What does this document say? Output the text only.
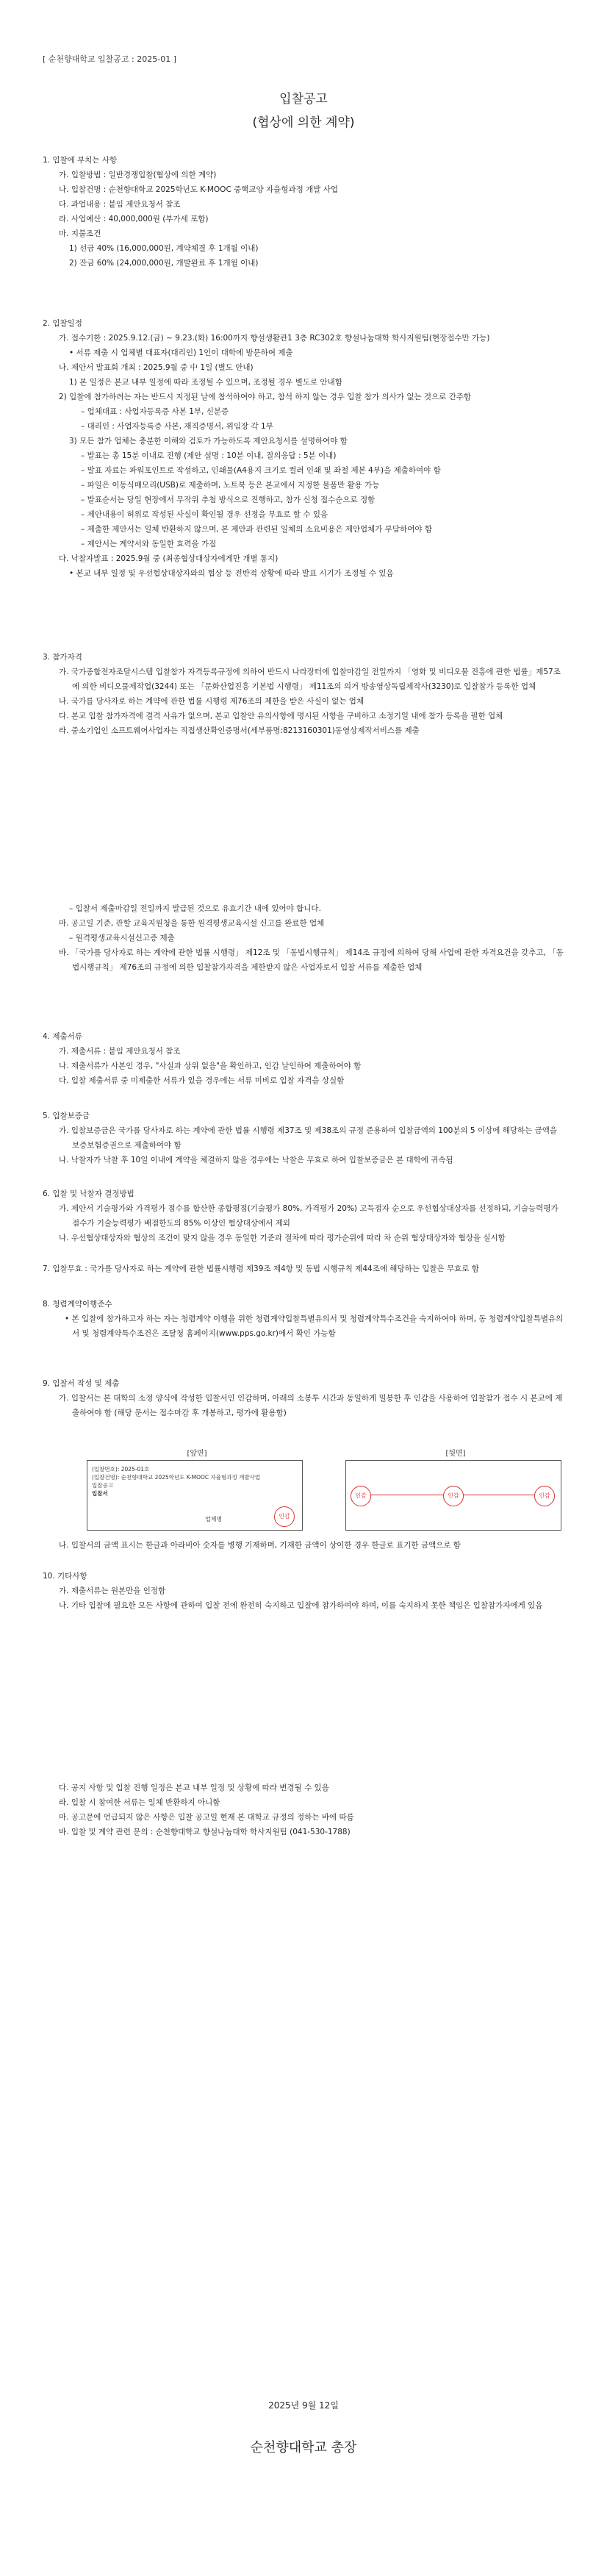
[ 순천향대학교 입찰공고 : 2025-01 ]
입찰공고
(협상에 의한 계약)

1. 입찰에 부치는 사항

가. 입찰방법 : 일반경쟁입찰(협상에 의한 계약)

나. 입찰건명 : 순천향대학교 2025학년도 K-MOOC 중핵교양 자율형과정 개발 사업

다. 과업내용 : 붙임 제안요청서 참조

라. 사업예산 : 40,000,000원 (부가세 포함)

마. 지불조건

1) 선금 40% (16,000,000원, 계약체결 후 1개월 이내)

2) 잔금 60% (24,000,000원, 개발완료 후 1개월 이내)

2. 입찰일정

가. 접수기한 : 2025.9.12.(금) ~ 9.23.(화) 16:00까지 향설생활관1 3층 RC302호 향설나눔대학 학사지원팀(현장접수만 가능)

• 서류 제출 시 업체별 대표자(대리인) 1인이 대학에 방문하여 제출

나. 제안서 발표회 개최 : 2025.9월 중 中 1일 (별도 안내)

1) 본 일정은 본교 내부 일정에 따라 조정될 수 있으며, 조정될 경우 별도로 안내함

2) 입찰에 참가하려는 자는 반드시 지정된 날에 참석하여야 하고, 참석 하지 않는 경우 입찰 참가 의사가 없는 것으로 간주함

– 업체대표 : 사업자등록증 사본 1부, 신분증

– 대리인 : 사업자등록증 사본, 재직증명서, 위임장 각 1부

3) 모든 참가 업체는 충분한 이해와 검토가 가능하도록 제안요청서를 설명하여야 함

– 발표는 총 15분 이내로 진행 (제안 설명 : 10분 이내, 질의응답 : 5분 이내)

– 발표 자료는 파워포인트로 작성하고, 인쇄물(A4용지 크기로 컬러 인쇄 및 좌철 제본 4부)을 제출하여야 함

– 파일은 이동식매모리(USB)로 제출하며, 노트북 등은 본교에서 지정한 물품만 활용 가능

– 발표순서는 당일 현장에서 무작위 추첨 방식으로 진행하고, 참가 신청 접수순으로 정함

– 제안내용이 허위로 작성된 사실이 확인될 경우 선정을 무효로 할 수 있음

– 제출한 제안서는 일체 반환하지 않으며, 본 제안과 관련된 일체의 소요비용은 제안업체가 부담하여야 함

– 제안서는 계약서와 동일한 효력을 가짐

다. 낙찰자발표 : 2025.9월 중 (최종협상대상자에게만 개별 통지)

• 본교 내부 일정 및 우선협상대상자와의 협상 등 전반적 상황에 따라 발표 시기가 조정될 수 있음

3. 참가자격

가. 국가종합전자조달시스템 입찰참가 자격등록규정에 의하여 반드시 나라장터에 입찰마감일 전일까지 「영화 및 비디오물 진흥에 관한 법률」제57조에 의한 비디오물제작업(3244) 또는 「문화산업진흥 기본법 시행령」 제11조의 의거 방송영상독립제작사(3230)로 입찰참가 등록한 업체

나. 국가를 당사자로 하는 계약에 관한 법률 시행령 제76조의 제한을 받은 사실이 없는 업체

다. 본교 입찰 참가자격에 결격 사유가 없으며, 본교 입찰안 유의사항에 명시된 사항을 구비하고 소정기일 내에 참가 등록을 필한 업체

라. 중소기업인 소프트웨어사업자는 직접생산확인증명서(세부품명:8213160301)동영상제작서비스를 제출

– 입찰서 제출마감일 전일까지 발급된 것으로 유효기간 내에 있어야 합니다.

마. 공고일 기준, 관할 교육지원청을 통한 원격평생교육시설 신고를 완료한 업체

– 원격평생교육시설신고증 제출

바. 「국가를 당사자로 하는 계약에 관한 법률 시행령」 제12조 및 「동법시행규칙」 제14조 규정에 의하여 당해 사업에 관한 자격요건을 갖추고, 「동법시행규칙」 제76조의 규정에 의한 입찰참가자격을 제한받지 않은 사업자로서 입찰 서류를 제출한 업체

4. 제출서류

가. 제출서류 : 붙임 제안요청서 참조

나. 제출서류가 사본인 경우, "사실과 상위 없음"을 확인하고, 인감 날인하여 제출하여야 함

다. 입찰 제출서류 중 미제출한 서류가 있을 경우에는 서류 미비로 입찰 자격을 상실함

5. 입찰보증금

가. 입찰보증금은 국가를 당사자로 하는 계약에 관한 법률 시행령 제37조 및 제38조의 규정 준용하여 입찰금액의 100분의 5 이상에 해당하는 금액을 보증보험증권으로 제출하여야 함

나. 낙찰자가 낙찰 후 10일 이내에 계약을 체결하지 않을 경우에는 낙찰은 무효로 하여 입찰보증금은 본 대학에 귀속됨

6. 입찰 및 낙찰자 결정방법

가. 제안서 기술평가와 가격평가 점수를 합산한 종합평점(기술평가 80%, 가격평가 20%) 고득점자 순으로 우선협상대상자를 선정하되, 기술능력평가 점수가 기술능력평가 배점한도의 85% 이상인 협상대상에서 제외

나. 우선협상대상자와 협상의 조건이 맞지 않을 경우 동일한 기준과 절차에 따라 평가순위에 따라 차 순위 협상대상자와 협상을 실시함

7. 입찰무효 : 국가를 당사자로 하는 계약에 관한 법률시행령 제39조 제4항 및 동법 시행규칙 제44조에 해당하는 입찰은 무효로 함

8. 청렴계약이행준수

• 본 입찰에 참가하고자 하는 자는 청렴계약 이행을 위한 청렴계약입찰특별유의서 및 청렴계약특수조건을 숙지하여야 하며, 동 청렴계약입찰특별유의서 및 청렴계약특수조건은 조달청 홈페이지(www.pps.go.kr)에서 확인 가능함

9. 입찰서 작성 및 제출

가. 입찰서는 본 대학의 소정 양식에 작성한 입찰서인 인감하며, 아래의 소봉투 시간과 동일하게 밀봉한 후 인감을 사용하여 입찰참가 접수 시 본교에 제출하여야 함 (해당 문서는 접수마감 후 개봉하고, 평가에 활용함)

[앞면]	[뒷면]
(입찰번호): 2025-01호
(입찰건명): 순천향대학교 2025학년도 K-MOOC 자율형과정 개발사업
입찰공고
입찰서
업체명	인감
인감	인감	인감

나. 입찰서의 금액 표시는 한글과 아라비아 숫자를 병행 기재하며, 기재한 금액이 상이한 경우 한글로 표기한 금액으로 함

10. 기타사항

가. 제출서류는 원본만을 인정함

나. 기타 입찰에 필요한 모든 사항에 관하여 입찰 전에 완전히 숙지하고 입찰에 참가하여야 하며, 이를 숙지하지 못한 책임은 입찰참가자에게 있음

다. 공지 사항 및 입찰 진행 일정은 본교 내부 일정 및 상황에 따라 변경될 수 있음

라. 입찰 시 참여한 서류는 일체 반환하지 아니함

마. 공고문에 언급되지 않은 사항은 입찰 공고일 현재 본 대학교 규정의 정하는 바에 따름

바. 입찰 및 계약 관련 문의 : 순천향대학교 향설나눔대학 학사지원팀 (041-530-1788)

2025년 9월 12일
순천향대학교 총장
